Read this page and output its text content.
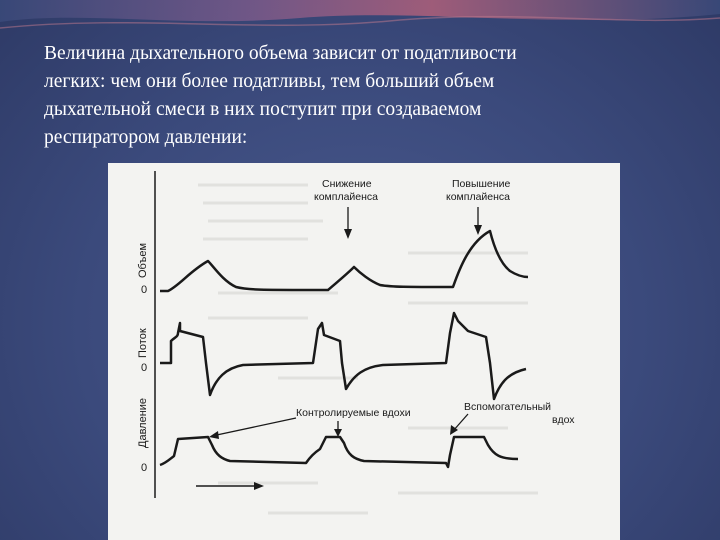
Величина дыхательного объема зависит от податливости

легких: чем они более податливы, тем больший объем

дыхательной смеси в них поступит при создаваемом

респиратором давлении:

Объем
Поток
Давление
0
0
0
Снижение
комплайенса
Повышение
комплайенса
Контролируемые вдохи	Вспомогательный
вдох
